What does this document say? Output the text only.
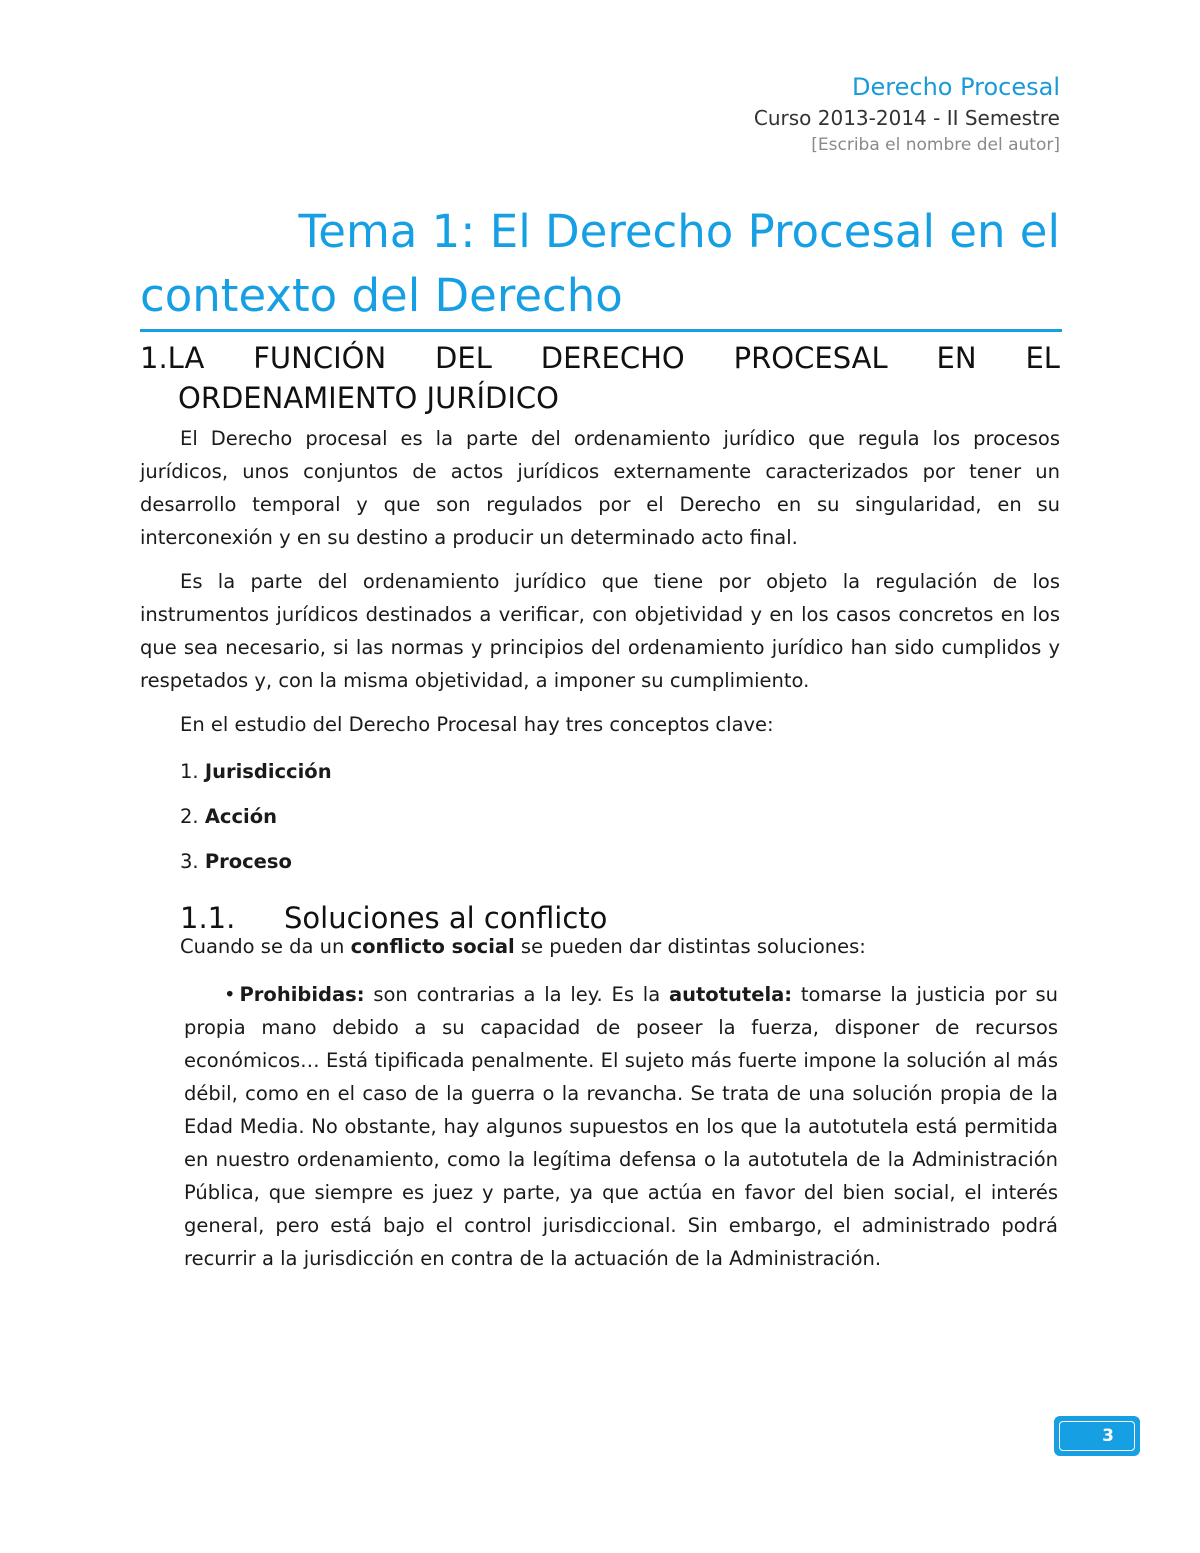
Derecho Procesal
Curso 2013-2014 - II Semestre
[Escriba el nombre del autor]
Tema 1: El Derecho Procesal en el
contexto del Derecho
1.LA FUNCIÓN DEL DERECHO PROCESAL EN EL
ORDENAMIENTO JURÍDICO

El Derecho procesal es la parte del ordenamiento jurídico que regula los procesos jurídicos, unos conjuntos de actos jurídicos externamente caracterizados por tener un desarrollo temporal y que son regulados por el Derecho en su singularidad, en su interconexión y en su destino a producir un determinado acto final.

Es la parte del ordenamiento jurídico que tiene por objeto la regulación de los instrumentos jurídicos destinados a verificar, con objetividad y en los casos concretos en los que sea necesario, si las normas y principios del ordenamiento jurídico han sido cumplidos y respetados y, con la misma objetividad, a imponer su cumplimiento.

En el estudio del Derecho Procesal hay tres conceptos clave:

1. Jurisdicción
2. Acción
3. Proceso
1.1.	Soluciones al conflicto
Cuando se da un conflicto social se pueden dar distintas soluciones:
• Prohibidas: son contrarias a la ley. Es la autotutela: tomarse la justicia por su propia mano debido a su capacidad de poseer la fuerza, disponer de recursos económicos… Está tipificada penalmente. El sujeto más fuerte impone la solución al más débil, como en el caso de la guerra o la revancha. Se trata de una solución propia de la Edad Media. No obstante, hay algunos supuestos en los que la autotutela está permitida en nuestro ordenamiento, como la legítima defensa o la autotutela de la Administración Pública, que siempre es juez y parte, ya que actúa en favor del bien social, el interés general, pero está bajo el control jurisdiccional. Sin embargo, el administrado podrá recurrir a la jurisdicción en contra de la actuación de la Administración.
3
